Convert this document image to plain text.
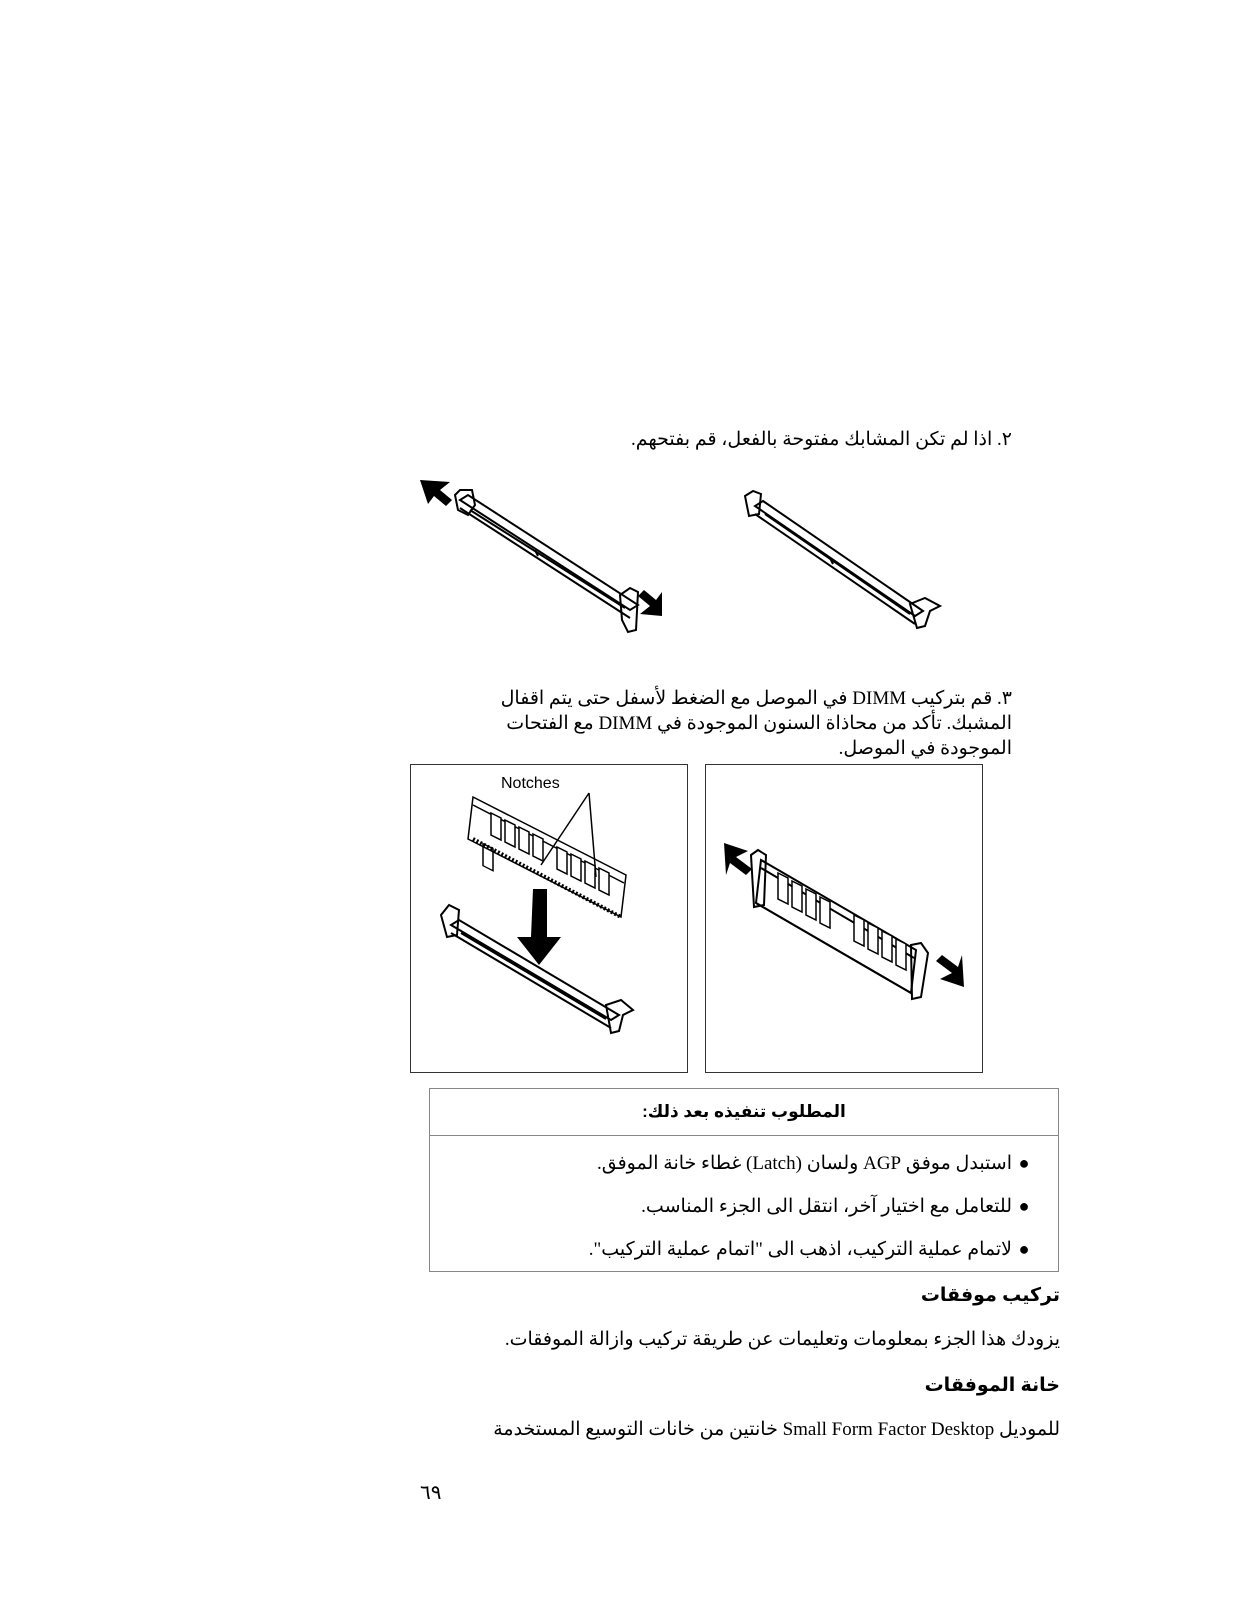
٢. اذا لم تكن المشابك مفتوحة بالفعل، قم بفتحهم.
٣. قم بتركيب DIMM في الموصل مع الضغط لأسفل حتى يتم اقفال
المشبك. تأكد من محاذاة السنون الموجودة في DIMM مع الفتحات
الموجودة في الموصل.
Notches
المطلوب تنفيذه بعد ذلك:
●
استبدل موفق AGP ولسان (Latch) غطاء خانة الموفق.
●
للتعامل مع اختيار آخر، انتقل الى الجزء المناسب.
●
لاتمام عملية التركيب، اذهب الى "اتمام عملية التركيب".
تركيب موفقات
يزودك هذا الجزء بمعلومات وتعليمات عن طريقة تركيب وازالة الموفقات.
خانة الموفقات
للموديل Small Form Factor Desktop خانتين من خانات التوسيع المستخدمة
٦٩
